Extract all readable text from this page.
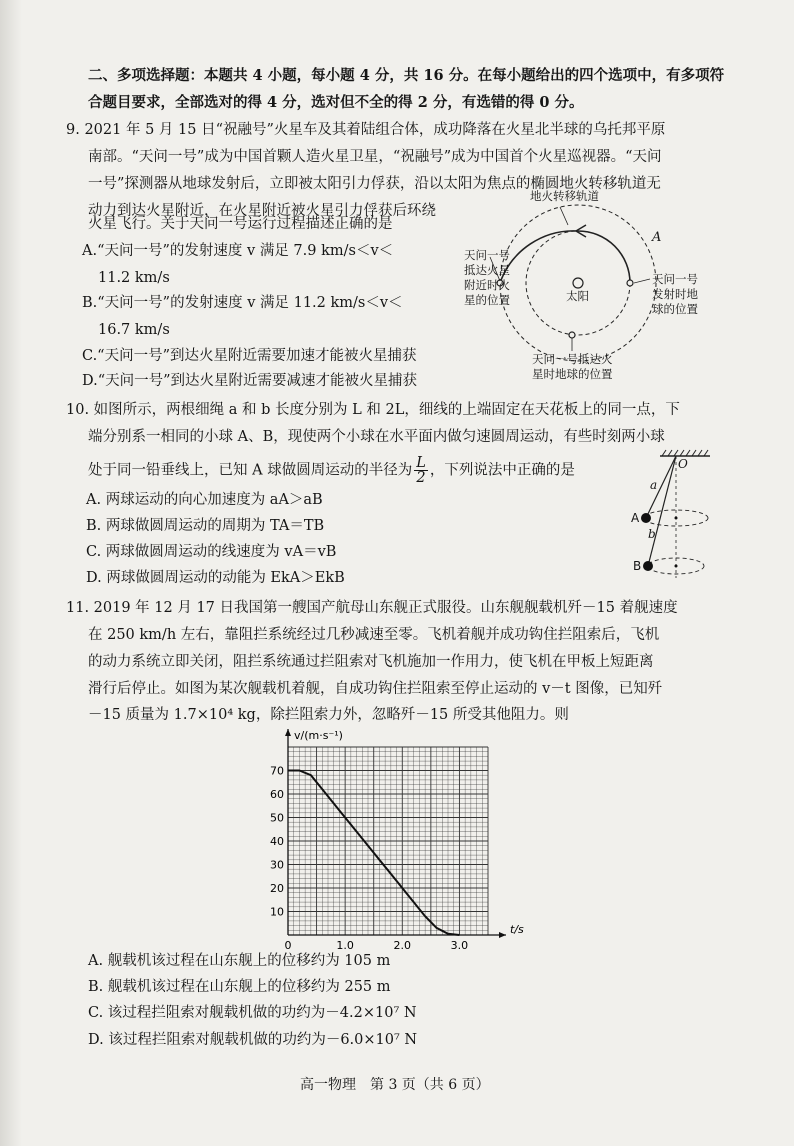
二、多项选择题：本题共 4 小题，每小题 4 分，共 16 分。在每小题给出的四个选项中，有多项符
合题目要求，全部选对的得 4 分，选对但不全的得 2 分，有选错的得 0 分。
9. 2021 年 5 月 15 日“祝融号”火星车及其着陆组合体，成功降落在火星北半球的乌托邦平原
南部。“天问一号”成为中国首颗人造火星卫星，“祝融号”成为中国首个火星巡视器。“天问
一号”探测器从地球发射后，立即被太阳引力俘获，沿以太阳为焦点的椭圆地火转移轨道无
动力到达火星附近，在火星附近被火星引力俘获后环绕
火星飞行。关于天问一号运行过程描述正确的是
A.“天问一号”的发射速度 v 满足 7.9 km/s＜v＜
11.2 km/s
B.“天问一号”的发射速度 v 满足 11.2 km/s＜v＜
16.7 km/s
C.“天问一号”到达火星附近需要加速才能被火星捕获
D.“天问一号”到达火星附近需要减速才能被火星捕获
地火转移轨道
A
天问一号
抵达火星
附近时火
星的位置	太阳
天问一号
发射时地
球的位置
天问一号抵达火
星时地球的位置
10. 如图所示，两根细绳 a 和 b 长度分别为 L 和 2L，细线的上端固定在天花板上的同一点，下
端分别系一相同的小球 A、B，现使两个小球在水平面内做匀速圆周运动，有些时刻两小球
处于同一铅垂线上，已知 A 球做圆周运动的半径为 $\frac{L}{2}$ ，下列说法中正确的是
A. 两球运动的向心加速度为 aA＞aB
B. 两球做圆周运动的周期为 TA＝TB
C. 两球做圆周运动的线速度为 vA＝vB
D. 两球做圆周运动的动能为 EkA＞EkB
O
a
b
A
B
11. 2019 年 12 月 17 日我国第一艘国产航母山东舰正式服役。山东舰舰载机歼－15 着舰速度
在 250 km/h 左右，靠阻拦系统经过几秒减速至零。飞机着舰并成功钩住拦阻索后，飞机
的动力系统立即关闭，阻拦系统通过拦阻索对飞机施加一作用力，使飞机在甲板上短距离
滑行后停止。如图为某次舰载机着舰，自成功钩住拦阻索至停止运动的 v－t 图像，已知歼
－15 质量为 1.7×10⁴ kg，除拦阻索力外，忽略歼－15 所受其他阻力。则
t/s
v/(m·s⁻¹)
0	1.0	2.0	3.0
10
20
30
40
50
60
70
A. 舰载机该过程在山东舰上的位移约为 105 m
B. 舰载机该过程在山东舰上的位移约为 255 m
C. 该过程拦阻索对舰载机做的功约为－4.2×10⁷ N
D. 该过程拦阻索对舰载机做的功约为－6.0×10⁷ N
高一物理　第 3 页（共 6 页）
